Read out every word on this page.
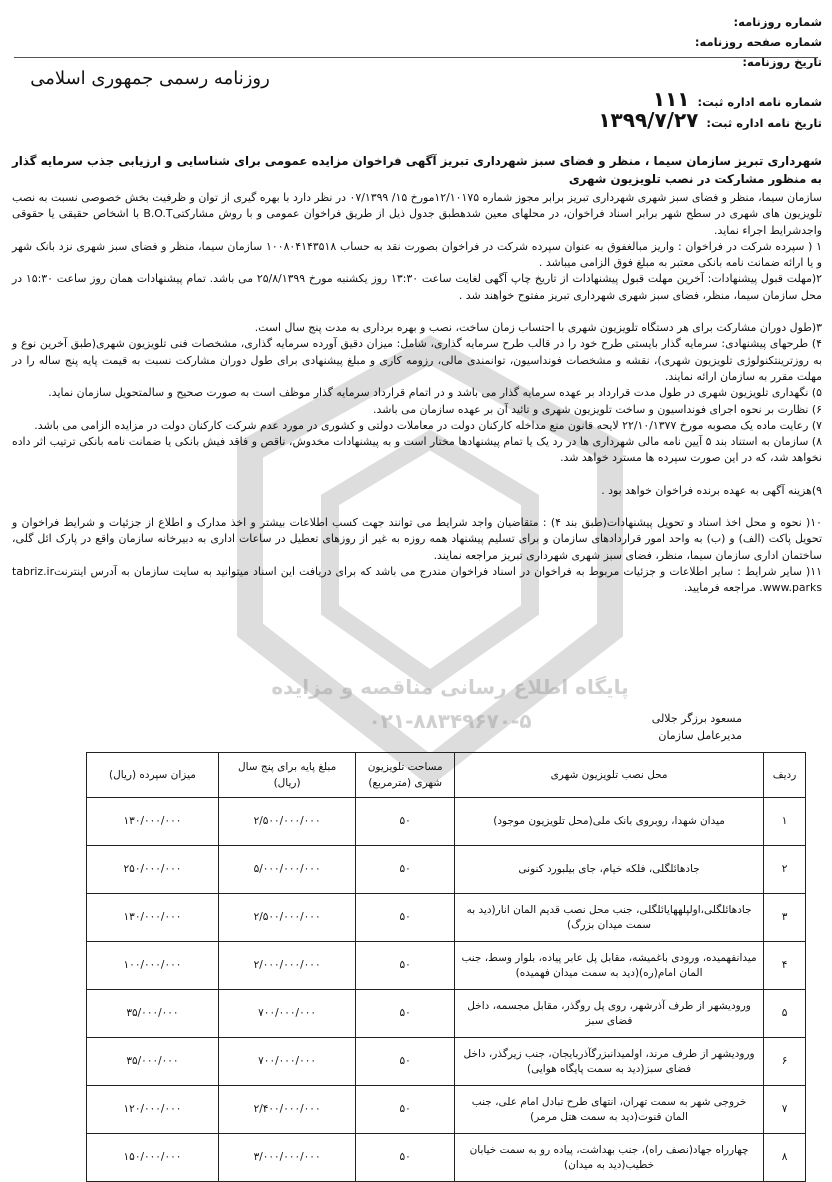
شماره روزنامه:
شماره صفحه روزنامه:
تاریخ روزنامه:
روزنامه رسمی جمهوری اسلامی
شماره نامه اداره ثبت: ۱۱۱
تاریخ نامه اداره ثبت: ۱۳۹۹/۷/۲۷
پایگاه اطلاع رسانی مناقصه و مزایده
۰۲۱-۸۸۳۴۹۶۷۰-۵

شهرداری تبریز سازمان سیما ، منظر و فضای سبز شهرداری تبریز آگهی فراخوان مزایده عمومی برای شناسایی و ارزیابی جذب سرمایه گذار به منظور مشارکت در نصب تلویزیون شهری

سازمان سیما، منظر و فضای سبز شهری شهرداری تبریز برابر مجوز شماره ۱۲/۱۰۱۷۵مورخ ۱۵/ ۰۷/۱۳۹۹ در نظر دارد با بهره گیری از توان و ظرفیت بخش خصوصی نسبت به نصب تلویزیون های شهری در سطح شهر برابر اسناد فراخوان، در محلهای معین شدهطبق جدول ذیل از طریق فراخوان عمومی و با روش مشارکتیB.O.T با اشخاص حقیقی یا حقوقی واجدشرایط اجراء نماید.

۱ ( سپرده شرکت در فراخوان : واریز مبالغفوق به عنوان سپرده شرکت در فراخوان بصورت نقد به حساب ۱۰۰۸۰۴۱۴۳۵۱۸ سازمان سیما، منظر و فضای سبز شهری نزد بانک شهر و یا ارائه ضمانت نامه بانکی معتبر به مبلغ فوق الزامی میباشد .

۲(مهلت قبول پیشنهادات: آخرین مهلت قبول پیشنهادات از تاریخ چاپ آگهی لغایت ساعت ۱۳:۳۰ روز یکشنبه مورخ ۲۵/۸/۱۳۹۹ می باشد. تمام پیشنهادات همان روز ساعت ۱۵:۳۰ در محل سازمان سیما، منظر، فضای سبز شهری شهرداری تبریز مفتوح خواهند شد .

۳(طول دوران مشارکت برای هر دستگاه تلویزیون شهری با احتساب زمان ساخت، نصب و بهره برداری به مدت پنج سال است.

۴) طرحهای پیشنهادی: سرمایه گذار بایستی طرح خود را در قالب طرح سرمایه گذاری، شامل: میزان دقیق آورده سرمایه گذاری، مشخصات فنی تلویزیون شهری(طبق آخرین نوع و به روزترینتکنولوژی تلویزیون شهری)، نقشه و مشخصات فونداسیون، توانمندی مالی، رزومه کاری و مبلغ پیشنهادی برای طول دوران مشارکت نسبت به قیمت پایه پنج ساله را در مهلت مقرر به سازمان ارائه نمایند.

۵) نگهداری تلویزیون شهری در طول مدت قرارداد بر عهده سرمایه گذار می باشد و در اتمام قرارداد سرمایه گذار موظف است به صورت صحیح و سالمتحویل سازمان نماید.

۶) نظارت بر نحوه اجرای فونداسیون و ساخت تلویزیون شهری و تائید آن بر عهده سازمان می باشد.

۷) رعایت ماده یک مصوبه مورخ ۲۲/۱۰/۱۳۷۷ لایحه قانون منع مداخله کارکنان دولت در معاملات دولتی و کشوری در مورد عدم شرکت کارکنان دولت در مزایده الزامی می باشد.

۸) سازمان به استناد بند ۵ آیین نامه مالی شهرداری ها در رد یک یا تمام پیشنهادها مختار است و به پیشنهادات مخدوش، ناقص و فاقد فیش بانکی یا ضمانت نامه بانکی ترتیب اثر داده نخواهد شد، که در این صورت سپرده ها مسترد خواهد شد.

۹)هزینه آگهی به عهده برنده فراخوان خواهد بود .

۱۰( نحوه و محل اخذ اسناد و تحویل پیشنهادات(طبق بند ۴) : متقاضیان واجد شرایط می توانند جهت کسب اطلاعات بیشتر و اخذ مدارک و اطلاع از جزئیات و شرایط فراخوان و تحویل پاکت (الف) و (ب) به واحد امور قراردادهای سازمان و برای تسلیم پیشنهاد همه روزه به غیر از روزهای تعطیل در ساعات اداری به دبیرخانه سازمان واقع در پارک ائل گلی، ساختمان اداری سازمان سیما، منظر، فضای سبز شهری شهرداری تبریز مراجعه نمایند.

۱۱( سایر شرایط : سایر اطلاعات و جزئیات مربوط به فراخوان در اسناد فراخوان مندرج می باشد که برای دریافت این اسناد میتوانید به سایت سازمان به آدرس اینترنتtabriz.ir www.parks. مراجعه فرمایید.

مسعود برزگر جلالی
مدیرعامل سازمان
ردیف	محل نصب تلویزیون شهری	مساحت تلویزیون شهری (مترمربع)	مبلغ پایه برای پنج سال (ریال)	میزان سپرده (ریال)
۱	میدان شهدا، روبروی بانک ملی(محل تلویزیون موجود)	۵۰	۲/۵۰۰/۰۰۰/۰۰۰	۱۳۰/۰۰۰/۰۰۰
۲	جادهائلگلی، فلکه خیام، جای بیلبورد کنونی	۵۰	۵/۰۰۰/۰۰۰/۰۰۰	۲۵۰/۰۰۰/۰۰۰
۳	جادهائلگلی،اولپلههایائلگلی، جنب محل نصب قدیم المان انار(دید به سمت میدان بزرگ)	۵۰	۲/۵۰۰/۰۰۰/۰۰۰	۱۳۰/۰۰۰/۰۰۰
۴	میدانفهمیده، ورودی باغمیشه، مقابل پل عابر پیاده، بلوار وسط، جنب المان امام(ره)(دید به سمت میدان فهمیده)	۵۰	۲/۰۰۰/۰۰۰/۰۰۰	۱۰۰/۰۰۰/۰۰۰
۵	ورودیشهر از طرف آذرشهر، روی پل روگذر، مقابل مجسمه، داخل فضای سبز	۵۰	۷۰۰/۰۰۰/۰۰۰	۳۵/۰۰۰/۰۰۰
۶	ورودیشهر از طرف مرند، اولمیدانبزرگآذربایجان، جنب زیرگذر، داخل فضای سبز(دید به سمت پایگاه هوایی)	۵۰	۷۰۰/۰۰۰/۰۰۰	۳۵/۰۰۰/۰۰۰
۷	خروجی شهر به سمت تهران، انتهای طرح تبادل امام علی، جنب المان قنوت(دید به سمت هتل مرمر)	۵۰	۲/۴۰۰/۰۰۰/۰۰۰	۱۲۰/۰۰۰/۰۰۰
۸	چهارراه جهاد(نصف راه)، جنب بهداشت، پیاده رو به سمت خیابان خطیب(دید به میدان)	۵۰	۳/۰۰۰/۰۰۰/۰۰۰	۱۵۰/۰۰۰/۰۰۰
